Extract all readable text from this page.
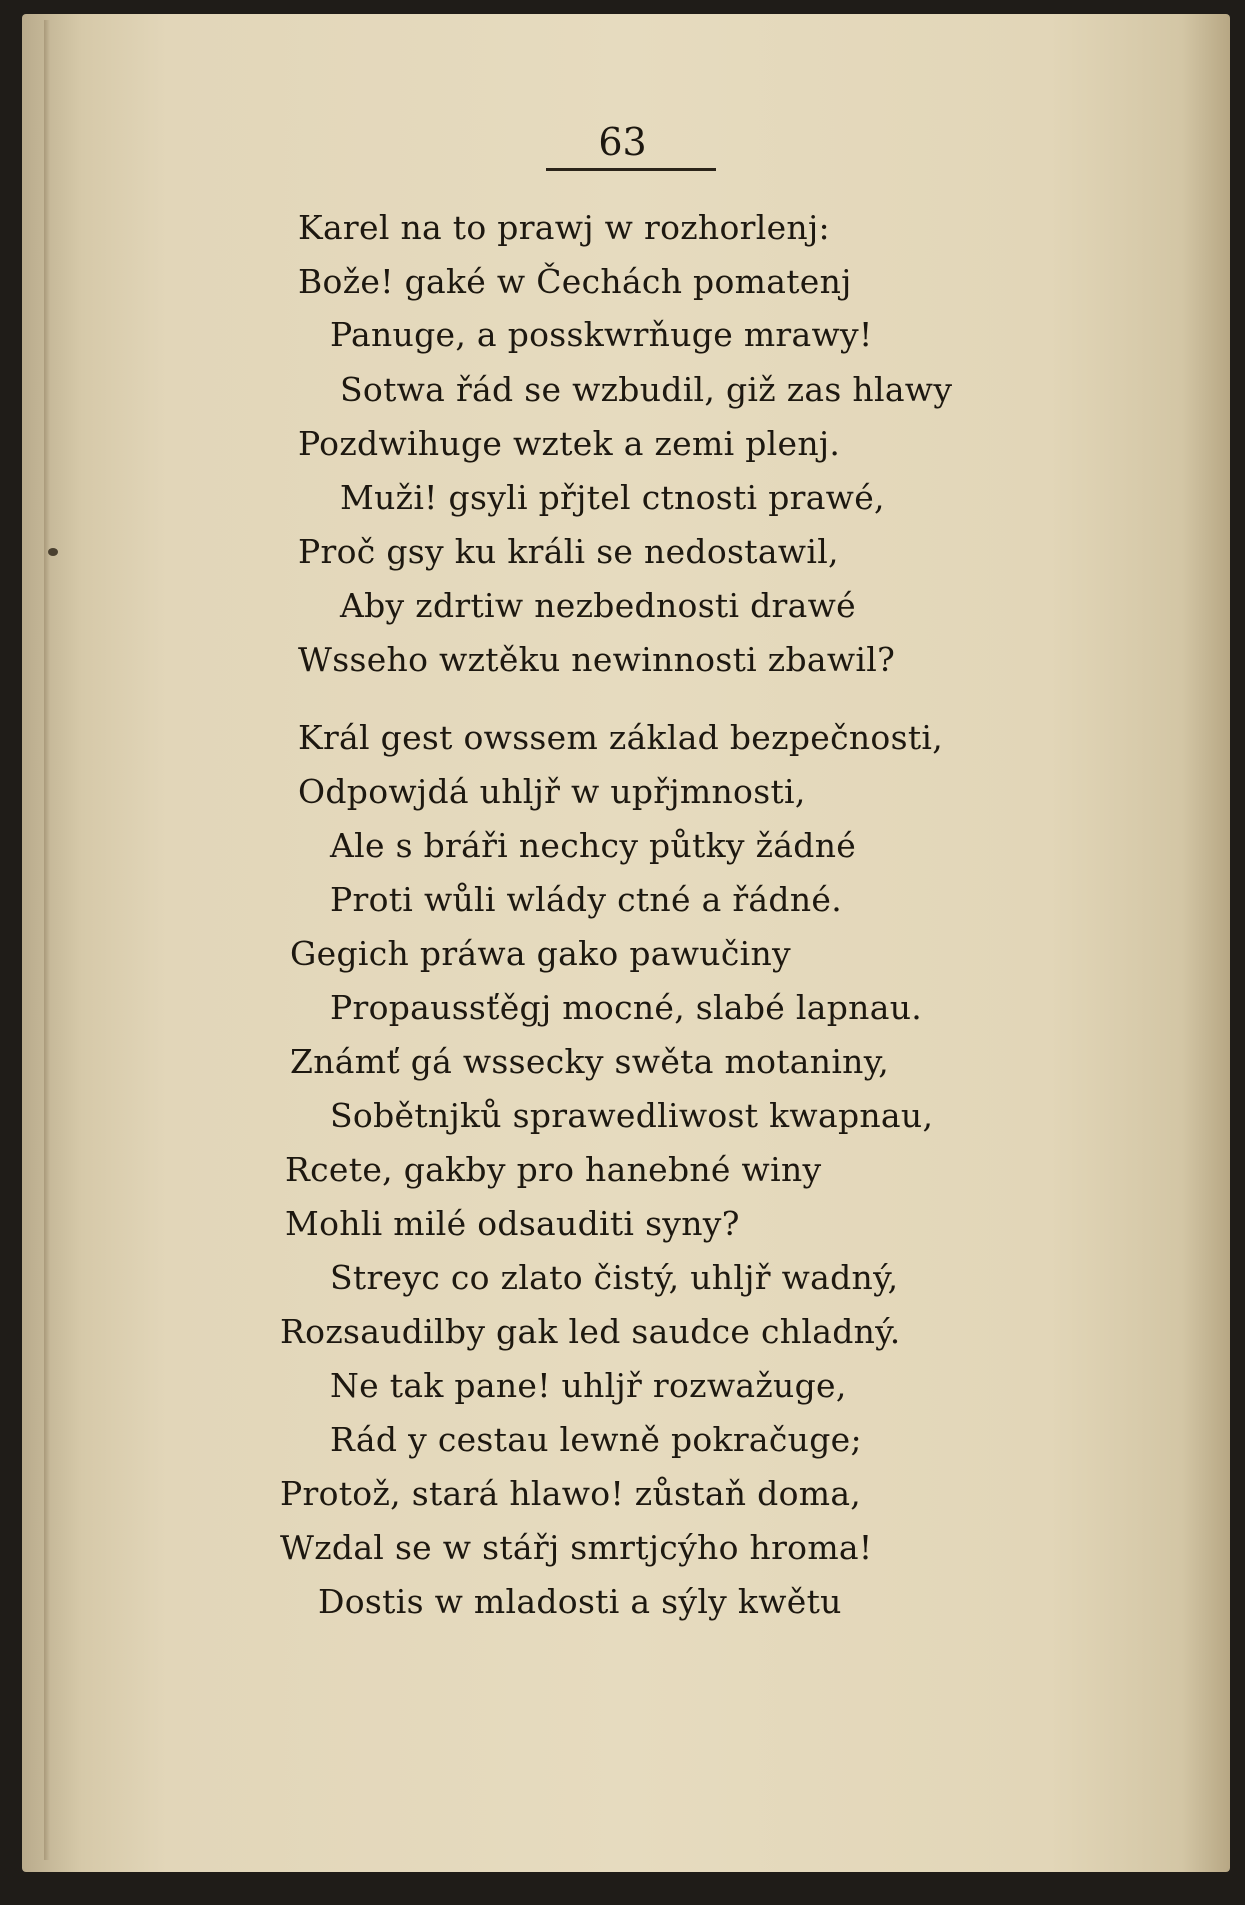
63
Karel na to prawj w rozhorlenj:
Bože! gaké w Čechách pomatenj
Panuge, a posskwrňuge mrawy!
Sotwa řád se wzbudil, giž zas hlawy
Pozdwihuge wztek a zemi plenj.
Muži! gsyli přjtel ctnosti prawé,
Proč gsy ku králi se nedostawil,
Aby zdrtiw nezbednosti drawé
Wsseho wztěku newinnosti zbawil?
Král gest owssem základ bezpečnosti,
Odpowjdá uhljř w upřjmnosti,
Ale s bráři nechcy půtky žádné
Proti wůli wlády ctné a řádné.
Gegich práwa gako pawučiny
Propaussťěgj mocné, slabé lapnau.
Známť gá wssecky swěta motaniny,
Sobětnjků sprawedliwost kwapnau,
Rcete, gakby pro hanebné winy
Mohli milé odsauditi syny?
Streyc co zlato čistý, uhljř wadný,
Rozsaudilby gak led saudce chladný.
Ne tak pane! uhljř rozwažuge,
Rád y cestau lewně pokračuge;
Protož, stará hlawo! zůstaň doma,
Wzdal se w stářj smrtjcýho hroma!
Dostis w mladosti a sýly kwětu
